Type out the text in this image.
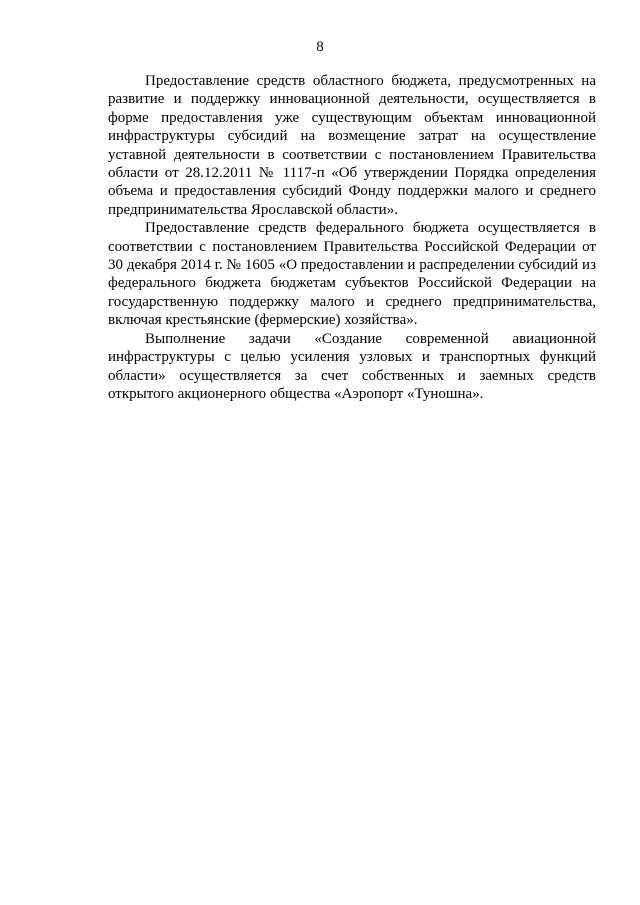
8

Предоставление средств областного бюджета, предусмотренных на развитие и поддержку инновационной деятельности, осуществляется в форме предоставления уже существующим объектам инновационной инфраструктуры субсидий на возмещение затрат на осуществление уставной деятельности в соответствии с постановлением Правительства области от 28.12.2011 № 1117-п «Об утверждении Порядка определения объема и предоставления субсидий Фонду поддержки малого и среднего предпринимательства Ярославской области».

Предоставление средств федерального бюджета осуществляется в соответствии с постановлением Правительства Российской Федерации от 30 декабря 2014 г. № 1605 «О предоставлении и распределении субсидий из федерального бюджета бюджетам субъектов Российской Федерации на государственную поддержку малого и среднего предпринимательства, включая крестьянские (фермерские) хозяйства».

Выполнение задачи «Создание современной авиационной инфраструктуры с целью усиления узловых и транспортных функций области» осуществляется за счет собственных и заемных средств открытого акционерного общества «Аэропорт «Туношна».
